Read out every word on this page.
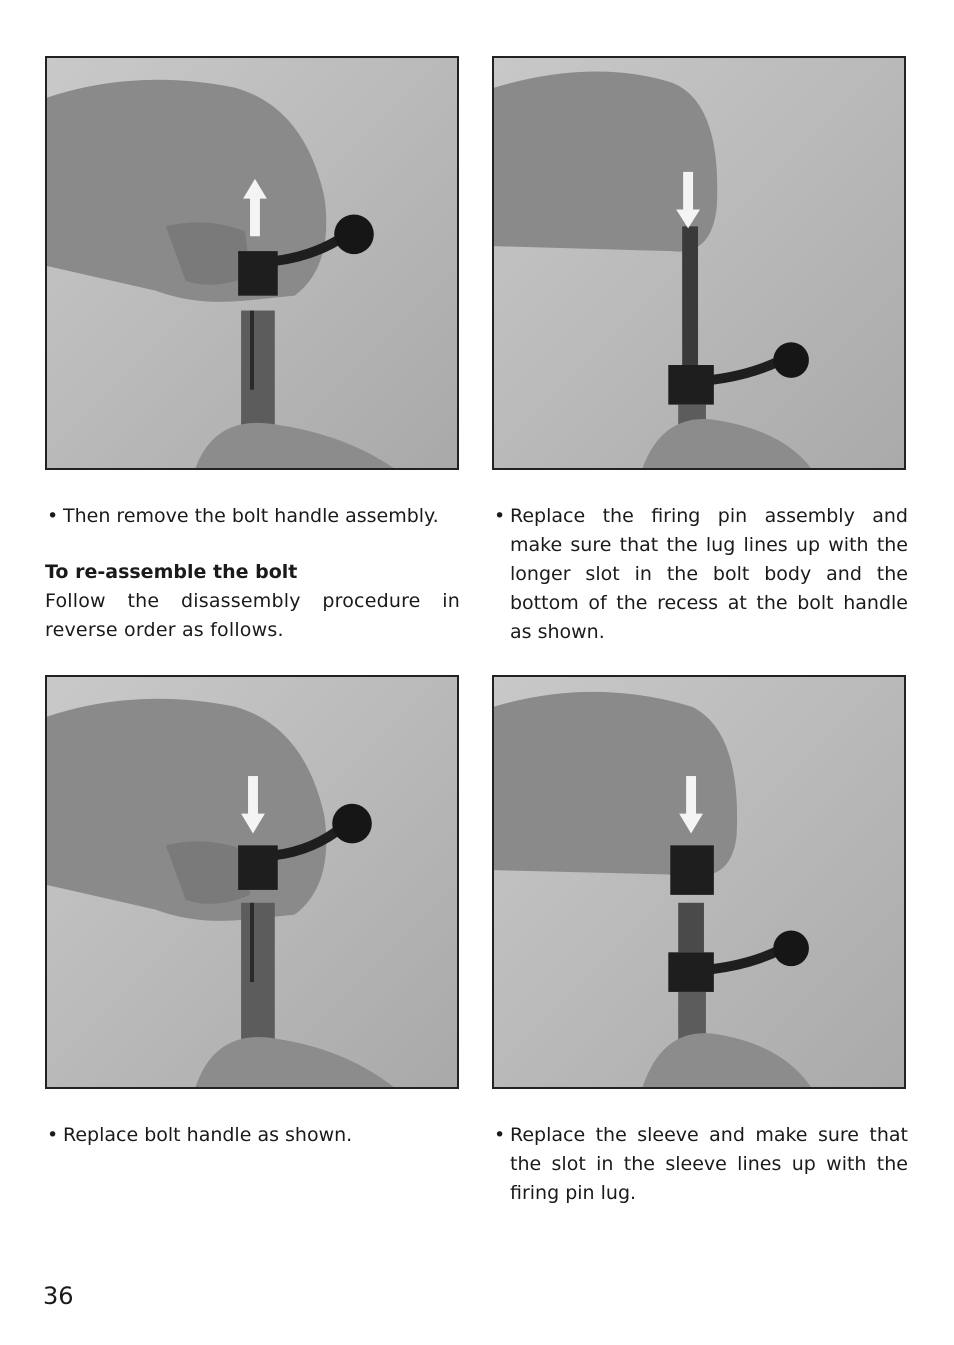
• Then remove the bolt handle assembly.	• Replace the firing pin assembly and make sure that the lug lines up with the longer slot in the bolt body and the bottom of the recess at the bolt handle as shown.
To re-assemble the bolt
Follow the disassembly procedure in reverse order as follows.
• Replace bolt handle as shown.	• Replace the sleeve and make sure that the slot in the sleeve lines up with the firing pin lug.
36
